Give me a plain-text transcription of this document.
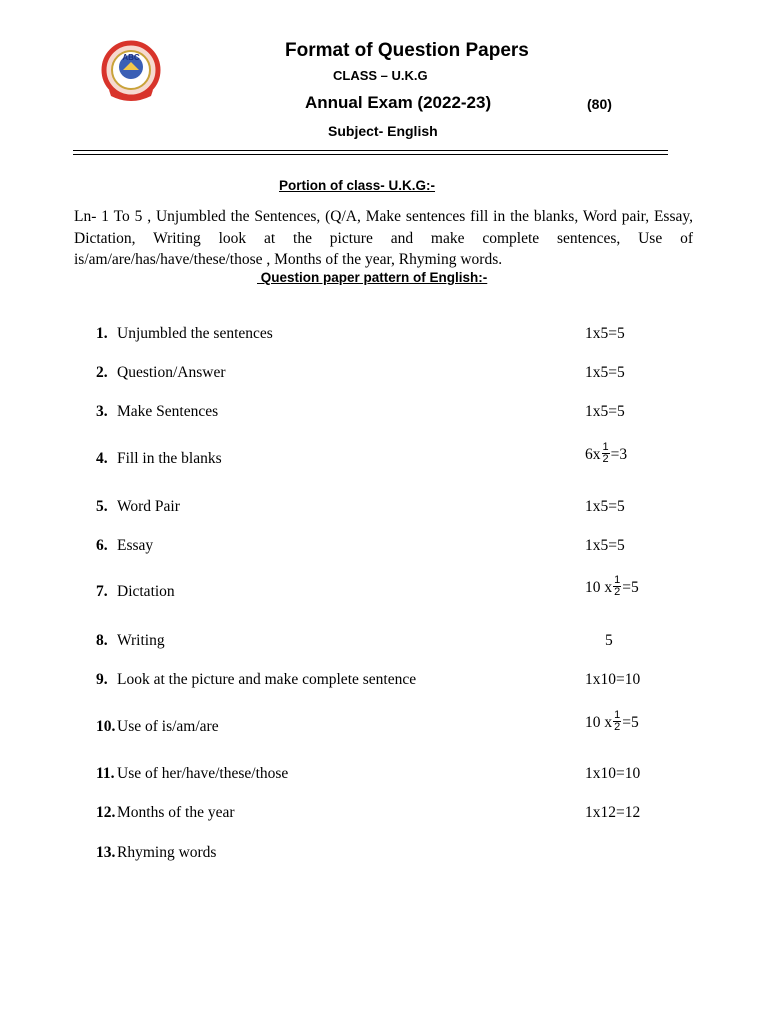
ABC	Format of Question Papers
CLASS – U.K.G
Annual Exam (2022-23)	(80)
Subject- English
Portion of class- U.K.G:-
Ln- 1 To 5 , Unjumbled the Sentences, (Q/A, Make sentences fill in the blanks, Word pair, Essay, Dictation, Writing look at the picture and make complete sentences, Use of is/am/are/has/have/these/those , Months of the year, Rhyming words.
Question paper pattern of English:-
1. Unjumbled the sentences	1x5=5
2. Question/Answer	1x5=5
3. Make Sentences	1x5=5
4. Fill in the blanks	$6x \frac{1}{2} =3$
5. Word Pair	1x5=5
6. Essay	1x5=5
7. Dictation	10 x $\frac{1}{2} =5$
8. Writing	5
9. Look at the picture and make complete sentence	1x10=10
10. Use of is/am/are	10 x $\frac{1}{2} =5$
11. Use of her/have/these/those	1x10=10
12. Months of the year	1x12=12
13. Rhyming words
